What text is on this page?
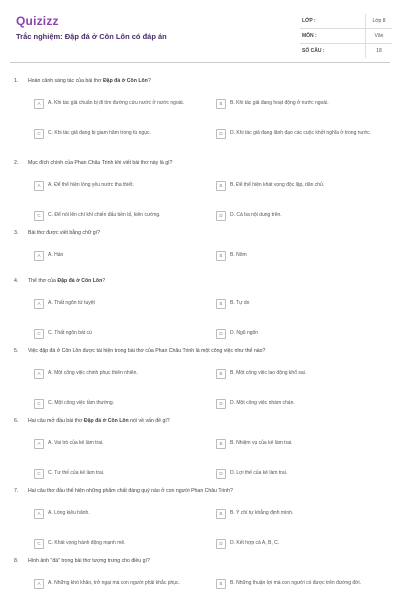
Quizizz
Trắc nghiệm: Đập đá ở Côn Lôn có đáp án
LỚP :	Lớp 8
MÔN :	Văn
SỐ CÂU :	18
1.	Hoàn cảnh sáng tác của bài thơ Đập đá ở Côn Lôn?
A	A. Khi tác giả chuẩn bị đi tìm đường cứu nước ở nước ngoài.	B	B. Khi tác giả đang hoạt động ở nước ngoài.
C	C. Khi tác giả đang bị giam hãm trong tù ngục.	D	D. Khi tác giả đang lãnh đạo các cuộc khởi nghĩa ở trong nước.
2.	Mục đích chính của Phan Châu Trinh khi viết bài thơ này là gì?
A	A. Để thể hiện lòng yêu nước tha thiết.	B	B. Để thể hiện khát vọng độc lập, dân chủ.
C	C. Để nói lên chí khí chiến đấu bền bỉ, kiên cường.	D	D. Cả ba nội dung trên.
3.	Bài thơ được viết bằng chữ gì?
A	A. Hán	B	B. Nôm
4.	Thể thơ của Đập đá ở Côn Lôn?
A	A. Thất ngôn tứ tuyệt	B	B. Tự do
C	C. Thất ngôn bát cú	D	D. Ngũ ngôn
5.	Việc đập đá ở Côn Lôn được tái hiện trong bài thơ của Phan Châu Trinh là một công việc như thế nào?
A	A. Một công việc chinh phục thiên nhiên.	B	B. Một công việc lao động khổ sai.
C	C. Một công việc tầm thường.	D	D. Một công việc nhàm chán.
6.	Hai câu mở đầu bài thơ Đập đá ở Côn Lôn nói về vấn đề gì?
A	A. Vai trò của kẻ làm trai.	B	B. Nhiệm vụ của kẻ làm trai.
C	C. Tư thế của kẻ làm trai.	D	D. Lợi thế của kẻ làm trai.
7.	Hai câu thơ đầu thể hiện những phẩm chất đáng quý nào ở con người Phan Châu Trinh?
A	A. Lòng kiêu hãnh.	B	B. Ý chí tự khẳng định mình.
C	C. Khát vọng hành động mạnh mẽ.	D	D. Kết hợp cả A, B, C.
8.	Hình ảnh "đá" trong bài thơ tượng trưng cho điều gì?
A	A. Những khó khăn, trở ngại mà con người phải khắc phục.	B	B. Những thuận lợi mà con người có được trên đường đời.
